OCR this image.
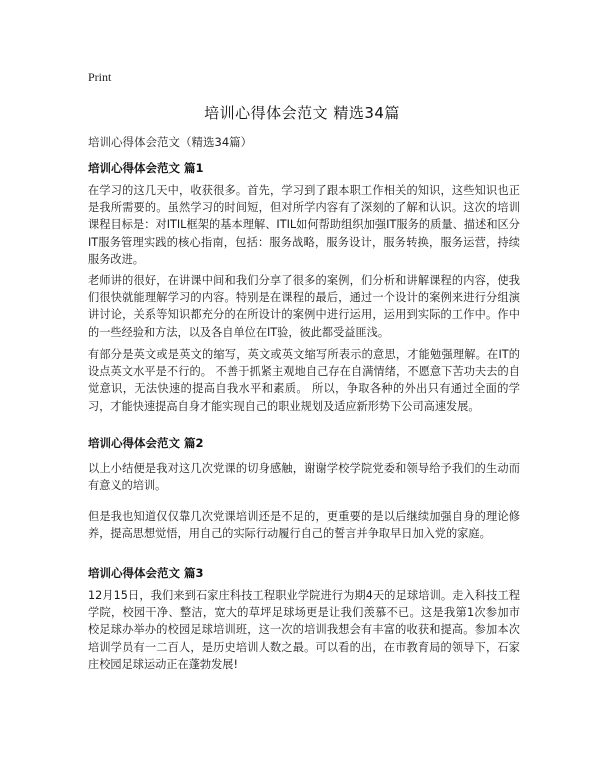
Print
培训心得体会范文 精选34篇
培训心得体会范文（精选34篇）
培训心得体会范文 篇1

在学习的这几天中，收获很多。首先，学习到了跟本职工作相关的知识，这些知识也正是我所需要的。虽然学习的时间短，但对所学内容有了深刻的了解和认识。这次的培训课程目标是：对ITIL框架的基本理解、ITIL如何帮助组织加强IT服务的质量、描述和区分IT服务管理实践的核心指南，包括：服务战略，服务设计，服务转换，服务运营，持续服务改进。

老师讲的很好，在讲课中间和我们分享了很多的案例，们分析和讲解课程的内容，使我们很快就能理解学习的内容。特别是在课程的最后，通过一个设计的案例来进行分组演讲讨论，关系等知识都充分的在所设计的案例中进行运用，运用到实际的工作中。作中的一些经验和方法，以及各自单位在IT验，彼此都受益匪浅。

有部分是英文或是英文的缩写，英文或英文缩写所表示的意思，才能勉强理解。在IT的设点英文水平是不行的。 不善于抓紧主观地自己存在自满情绪，不愿意下苦功夫去的自觉意识，无法快速的提高自我水平和素质。 所以，争取各种的外出只有通过全面的学习，才能快速提高自身才能实现自己的职业规划及适应新形势下公司高速发展。

培训心得体会范文 篇2

以上小结便是我对这几次党课的切身感触，谢谢学校学院党委和领导给予我们的生动而有意义的培训。

但是我也知道仅仅靠几次党课培训还是不足的，更重要的是以后继续加强自身的理论修养，提高思想觉悟，用自己的实际行动履行自己的誓言并争取早日加入党的家庭。

培训心得体会范文 篇3

12月15日，我们来到石家庄科技工程职业学院进行为期4天的足球培训。走入科技工程学院，校园干净、整洁，宽大的草坪足球场更是让我们羡慕不已。这是我第1次参加市校足球办举办的校园足球培训班，这一次的培训我想会有丰富的收获和提高。参加本次培训学员有一二百人，是历史培训人数之最。可以看的出，在市教育局的领导下，石家庄校园足球运动正在蓬勃发展!
